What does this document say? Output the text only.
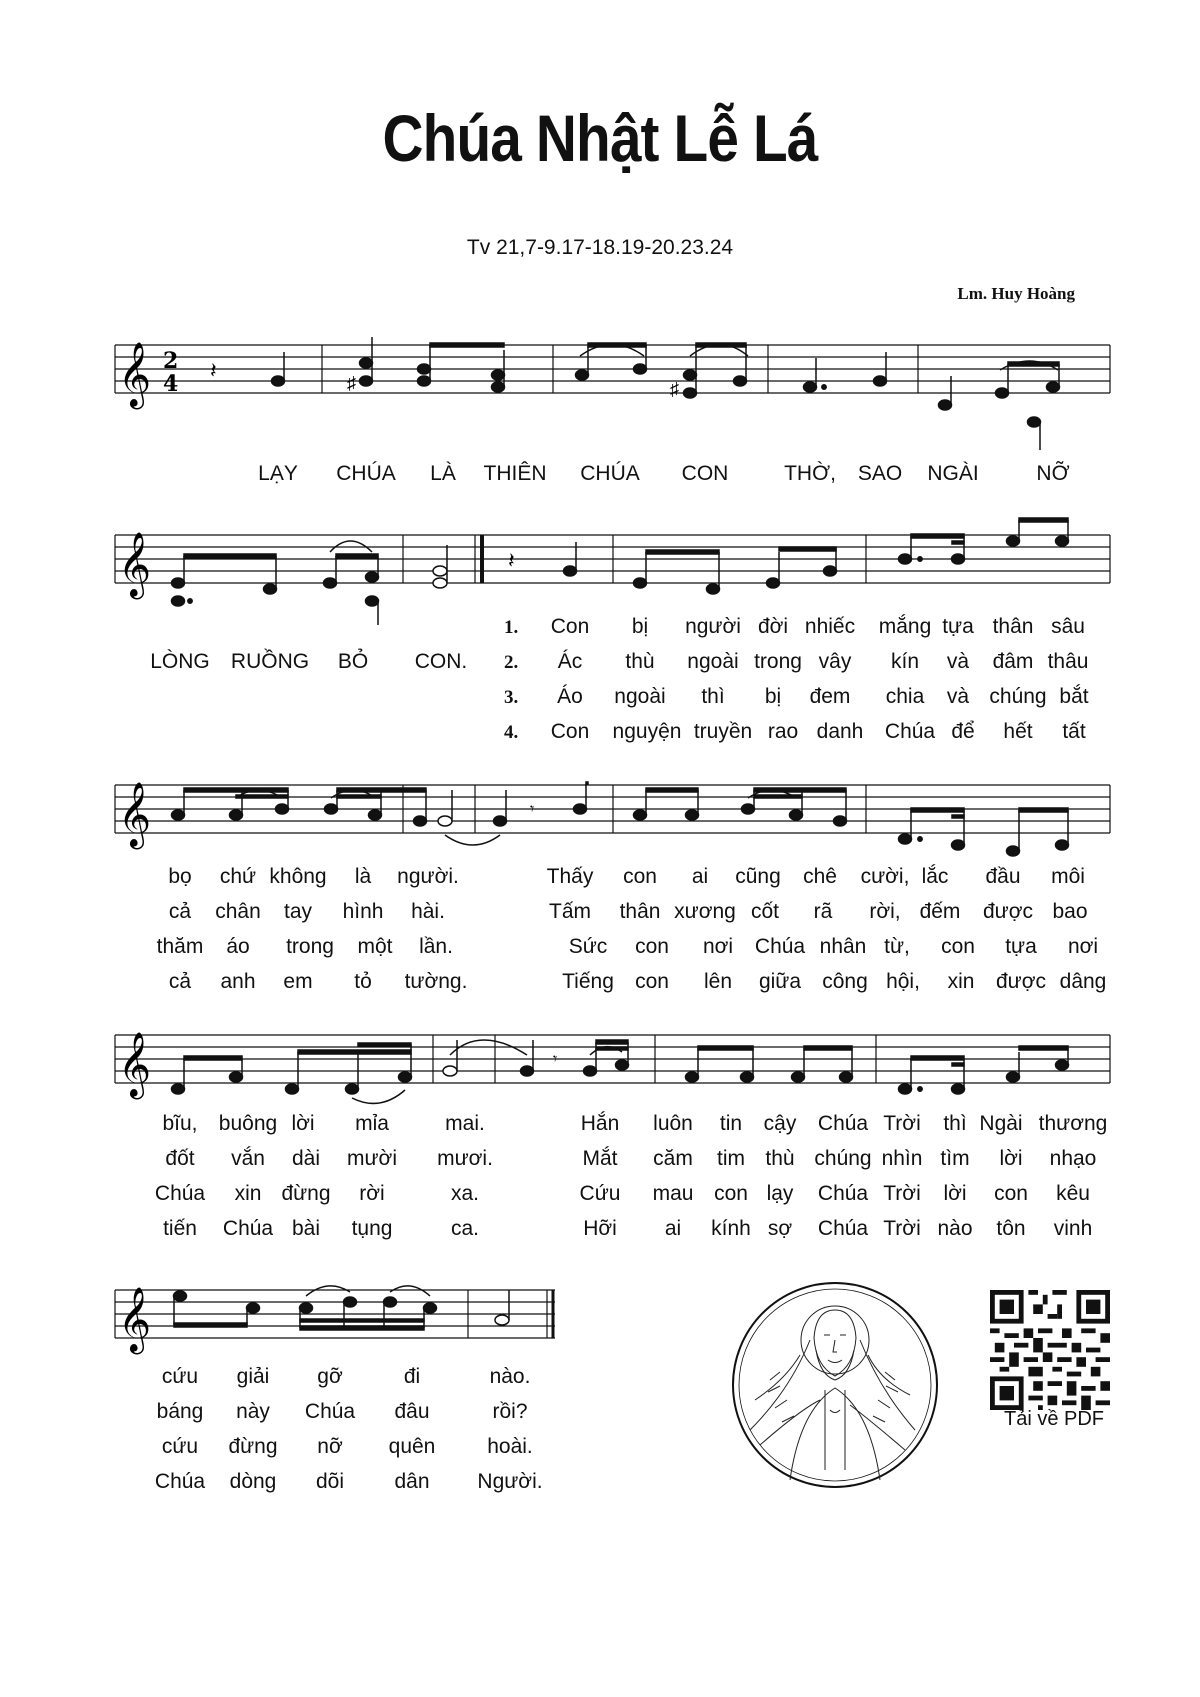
Chúa Nhật Lễ Lá
Tv 21,7-9.17-18.19-20.23.24
Lm. Huy Hoàng
𝄞 2
4 𝄽	♯	♯
LẠY CHÚA LÀ THIÊN CHÚA CON	THỜ, SAO NGÀI	NỠ
𝄞	𝄽
LÒNG RUỒNG BỎ CON.
1.
2.
3.
4.
Con bị người đời nhiếc mắng tựa thân sâu
Ác thù ngoài trong vây kín và đâm thâu
Áo ngoài thì bị đem chia và chúng bắt
Con nguyện truyền rao danh Chúa để hết tất
𝄞	𝄾
bọ chứ không là người.	Thấy con ai cũng chê cười, lắc đầu môi
cả chân tay hình hài.	Tấm thân xương cốt rã rời, đếm được bao
thăm áo trong một lần.	Sức con nơi Chúa nhân từ, con tựa nơi
cả anh em tỏ tường.	Tiếng con lên giữa công hội, xin được dâng
𝄞	𝄾
bĩu, buông lời mỉa	mai.	Hắn luôn tin cậy Chúa Trời thì Ngài thương
đốt vắn dài mười mươi.	Mắt căm tim thù chúng nhìn tìm lời nhạo
Chúa xin đừng rời	xa.	Cứu mau con lạy Chúa Trời lời con kêu
tiến Chúa bài tụng	ca.	Hỡi ai kính sợ Chúa Trời nào tôn vinh
𝄞
cứu giải gỡ	đi	nào.
báng này Chúa đâu	rồi?
cứu đừng nỡ quên hoài.
Chúa dòng dõi dân Người.
Tải về PDF
